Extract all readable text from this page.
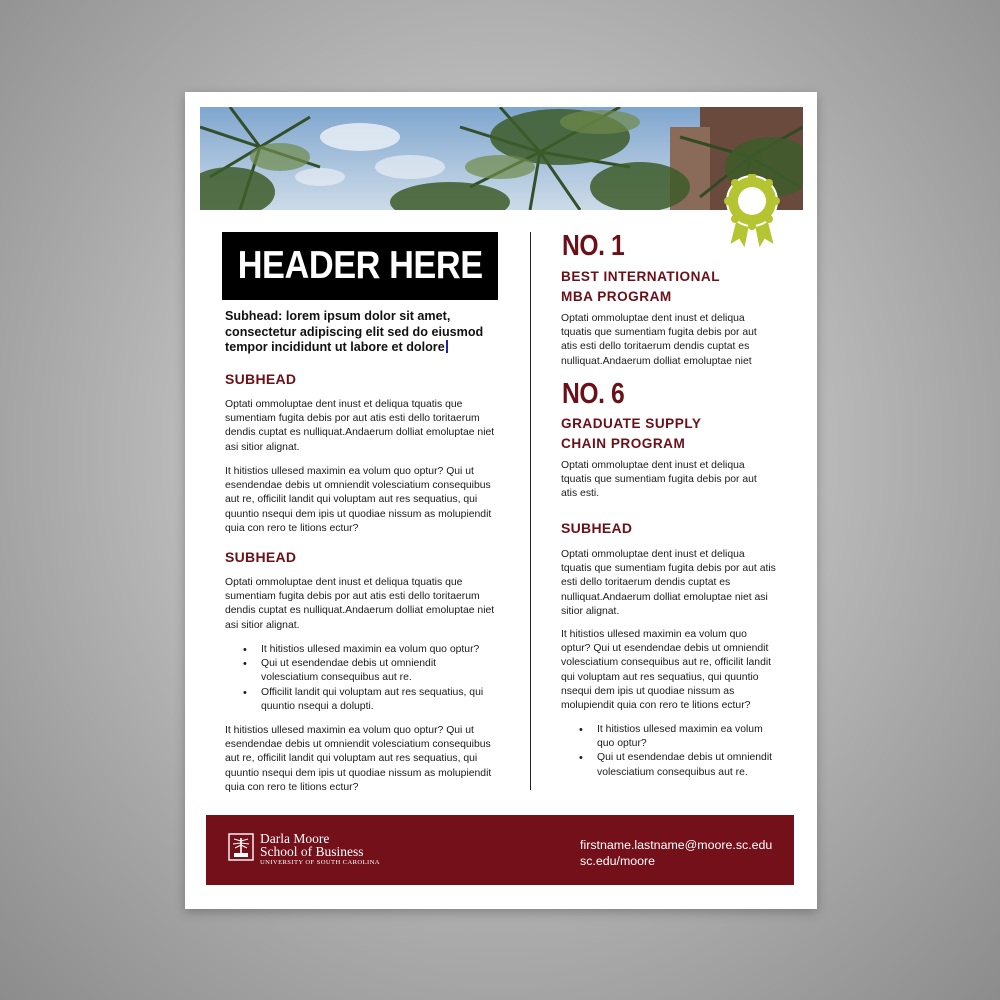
HEADER HERE
Subhead: lorem ipsum dolor sit amet, consectetur adipiscing elit sed do eiusmod tempor incididunt ut labore et dolore
SUBHEAD

Optati ommoluptae dent inust et deliqua tquatis que sumentiam fugita debis por aut atis esti dello toritaerum dendis cuptat es nulliquat.Andaerum dolliat emoluptae niet asi sitior alignat.

It hitistios ullesed maximin ea volum quo optur? Qui ut esendendae debis ut omniendit volesciatium consequibus aut re, officilit landit qui voluptam aut res sequatius, qui quuntio nsequi dem ipis ut quodiae nissum as molupiendit quia con rero te litions ectur?

SUBHEAD

Optati ommoluptae dent inust et deliqua tquatis que sumentiam fugita debis por aut atis esti dello toritaerum dendis cuptat es nulliquat.Andaerum dolliat emoluptae niet asi sitior alignat.

• It hitistios ullesed maximin ea volum quo optur?
• Qui ut esendendae debis ut omniendit volesciatium consequibus aut re.
• Officilit landit qui voluptam aut res sequatius, qui quuntio nsequi a dolupti.

It hitistios ullesed maximin ea volum quo optur? Qui ut esendendae debis ut omniendit volesciatium consequibus aut re, officilit landit qui voluptam aut res sequatius, qui quuntio nsequi dem ipis ut quodiae nissum as molupiendit quia con rero te litions ectur?

NO. 1
BEST INTERNATIONAL
MBA PROGRAM

Optati ommoluptae dent inust et deliqua tquatis que sumentiam fugita debis por aut atis esti dello toritaerum dendis cuptat es nulliquat.Andaerum dolliat emoluptae niet

NO. 6
GRADUATE SUPPLY
CHAIN PROGRAM

Optati ommoluptae dent inust et deliqua tquatis que sumentiam fugita debis por aut atis esti.

SUBHEAD

Optati ommoluptae dent inust et deliqua tquatis que sumentiam fugita debis por aut atis esti dello toritaerum dendis cuptat es nulliquat.Andaerum dolliat emoluptae niet asi sitior alignat.

It hitistios ullesed maximin ea volum quo optur? Qui ut esendendae debis ut omniendit volesciatium consequibus aut re, officilit landit qui voluptam aut res sequatius, qui quuntio nsequi dem ipis ut quodiae nissum as molupiendit quia con rero te litions ectur?

• It hitistios ullesed maximin ea volum quo optur?
• Qui ut esendendae debis ut omniendit volesciatium consequibus aut re.
Darla Moore
School of Business
UNIVERSITY OF SOUTH CAROLINA
firstname.lastname@moore.sc.edu
sc.edu/moore
